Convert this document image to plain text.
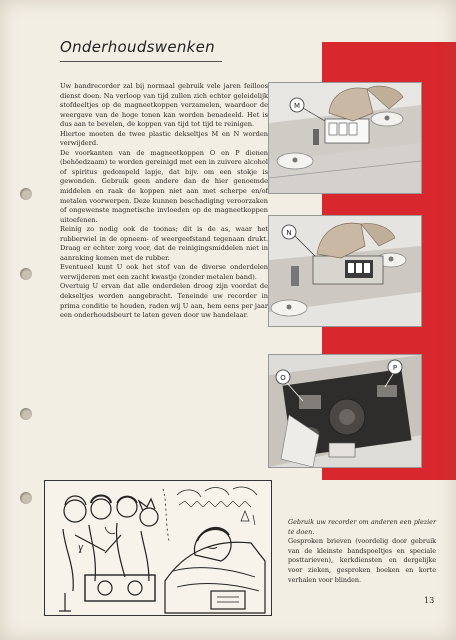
Onderhoudswenken

Uw bandrecorder zal bij normaal gebruik vele jaren feilloos dienst doen. Na verloop van tijd zullen zich echter geleidelijk stofdeeltjes op de magneetkoppen verzamelen, waardoor de weergave van de hoge tonen kan worden benadeeld. Het is dus aan te bevelen, de koppen van tijd tot tijd te reinigen.

Hiertoe moeten de twee plastic dekseltjes M en N worden verwijderd.

De voorkanten van de magneetkoppen O en P dienen (behöedzaam) te worden gereinigd met een in zuivere alcohol of spiritus gedompeld lapje, dat bijv. om een stokje is gewonden. Gebruik geen andere dan de hier genoemde middelen en raak de koppen niet aan met scherpe en/of metalen voorwerpen. Deze kunnen beschadiging veroorzaken of ongewenste magnetische invloeden op de magneetkoppen uitoefenen.

Reinig zo nodig ook de toonas; dit is de as, waar het rubberwiel in de opneem- of weergeefstand tegenaan drukt. Draag er echter zorg voor, dat de reinigingsmiddelen niet in aanraking komen met de rubber.

Eventueel kunt U ook het stof van de diverse onderdelen verwijderen met een zacht kwastje (zonder metalen band).

Overtuig U ervan dat alle onderdelen droog zijn voordat de dekseltjes worden aangebracht. Teneinde uw recorder in prima conditie te houden, raden wij U aan, hem eens per jaar een onderhoudsbeurt te laten geven door uw handelaar.

M
N
O
P

Gebruik uw recorder om anderen een plezier te doen.

Gesproken brieven (voordelig door gebruik van de kleinste bandspoeltjes en speciale posttarieven), kerkdiensten en dergelijke voor zieken, gesproken boeken en korte verhalen voor blinden.

13
